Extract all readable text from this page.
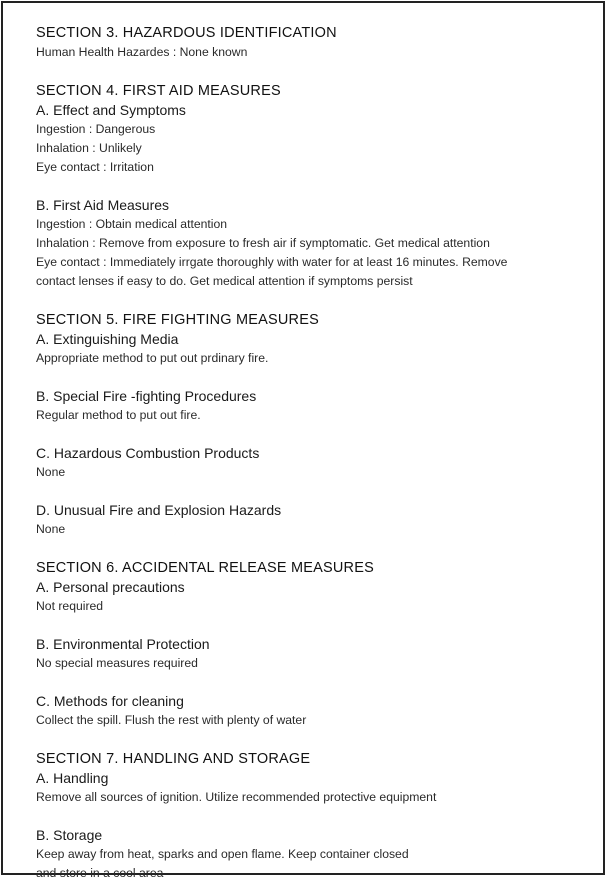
SECTION 3. HAZARDOUS IDENTIFICATION
Human Health Hazardes : None known
SECTION 4. FIRST AID MEASURES
A. Effect and Symptoms
Ingestion : Dangerous
Inhalation : Unlikely
Eye contact : Irritation
B. First Aid Measures
Ingestion : Obtain medical attention
Inhalation : Remove from exposure to fresh air if symptomatic. Get medical attention
Eye contact : Immediately irrgate thoroughly with water for at least 16 minutes. Remove
contact lenses if easy to do. Get medical attention if symptoms persist
SECTION 5. FIRE FIGHTING MEASURES
A. Extinguishing Media
Appropriate method to put out prdinary fire.
B. Special Fire -fighting Procedures
Regular method to put out fire.
C. Hazardous Combustion Products
None
D. Unusual Fire and Explosion Hazards
None
SECTION 6. ACCIDENTAL RELEASE MEASURES
A. Personal precautions
Not required
B. Environmental Protection
No special measures required
C. Methods for cleaning
Collect the spill. Flush the rest with plenty of water
SECTION 7. HANDLING AND STORAGE
A. Handling
Remove all sources of ignition. Utilize recommended protective equipment
B. Storage
Keep away from heat, sparks and open flame. Keep container closed
and store in a cool area
